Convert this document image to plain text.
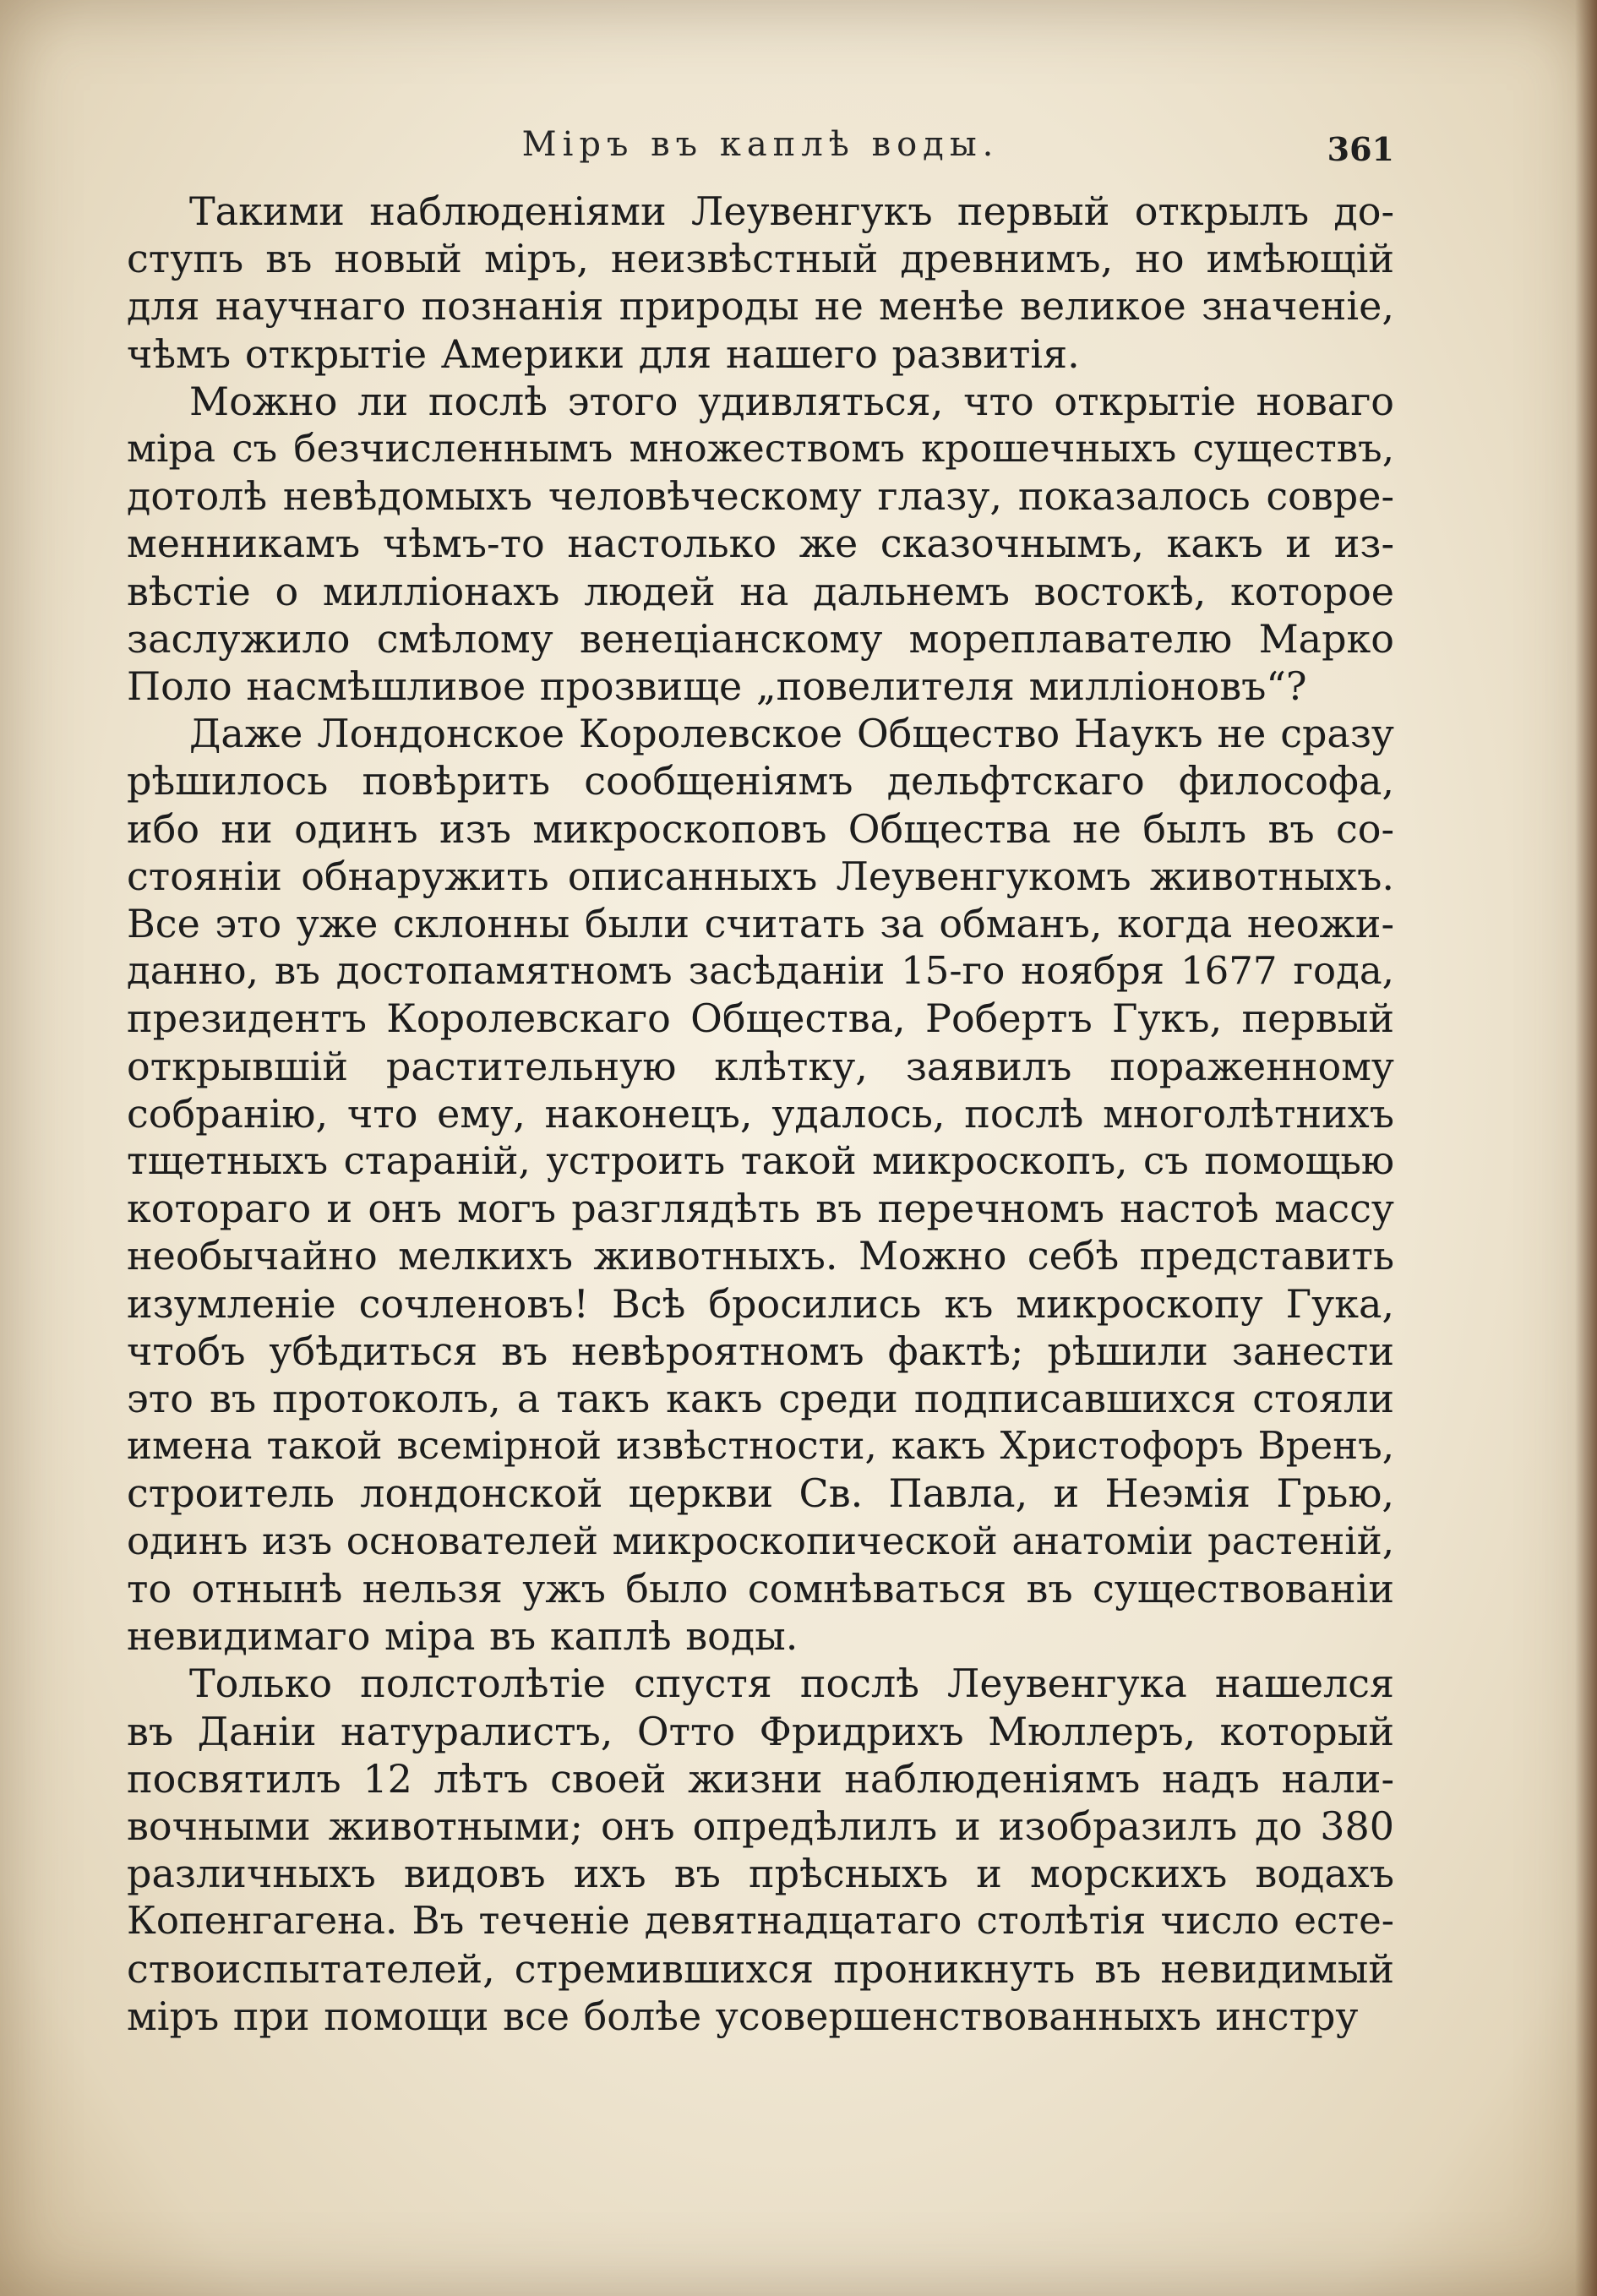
Міръ въ каплѣ воды.	361

Такими наблюденіями Леувенгукъ первый открылъ до-
ступъ въ новый міръ, неизвѣстный древнимъ, но имѣющій
для научнаго познанія природы не менѣе великое значеніе,
чѣмъ открытіе Америки для нашего развитія.

Можно ли послѣ этого удивляться, что открытіе новаго
міра съ безчисленнымъ множествомъ крошечныхъ существъ,
дотолѣ невѣдомыхъ человѣческому глазу, показалось совре-
менникамъ чѣмъ-то настолько же сказочнымъ, какъ и из-
вѣстіе о милліонахъ людей на дальнемъ востокѣ, которое
заслужило смѣлому венеціанскому мореплавателю Марко
Поло насмѣшливое прозвище „повелителя милліоновъ“?

Даже Лондонское Королевское Общество Наукъ не сразу
рѣшилось повѣрить сообщеніямъ дельфтскаго философа,
ибо ни одинъ изъ микроскоповъ Общества не былъ въ со-
стояніи обнаружить описанныхъ Леувенгукомъ животныхъ.
Все это уже склонны были считать за обманъ, когда неожи-
данно, въ достопамятномъ засѣданіи 15-го ноября 1677 года,
президентъ Королевскаго Общества, Робертъ Гукъ, первый
открывшій растительную клѣтку, заявилъ пораженному
собранію, что ему, наконецъ, удалось, послѣ многолѣтнихъ
тщетныхъ стараній, устроить такой микроскопъ, съ помощью
котораго и онъ могъ разглядѣть въ перечномъ настоѣ массу
необычайно мелкихъ животныхъ. Можно себѣ представить
изумленіе сочленовъ! Всѣ бросились къ микроскопу Гука,
чтобъ убѣдиться въ невѣроятномъ фактѣ; рѣшили занести
это въ протоколъ, а такъ какъ среди подписавшихся стояли
имена такой всемірной извѣстности, какъ Христофоръ Вренъ,
строитель лондонской церкви Св. Павла, и Неэмія Грью,
одинъ изъ основателей микроскопической анатоміи растеній,
то отнынѣ нельзя ужъ было сомнѣваться въ существованіи
невидимаго міра въ каплѣ воды.

Только полстолѣтіе спустя послѣ Леувенгука нашелся
въ Даніи натуралистъ, Отто Фридрихъ Мюллеръ, который
посвятилъ 12 лѣтъ своей жизни наблюденіямъ надъ нали-
вочными животными; онъ опредѣлилъ и изобразилъ до 380
различныхъ видовъ ихъ въ прѣсныхъ и морскихъ водахъ
Копенгагена. Въ теченіе девятнадцатаго столѣтія число есте-
ствоиспытателей, стремившихся проникнуть въ невидимый
міръ при помощи все болѣе усовершенствованныхъ инстру
